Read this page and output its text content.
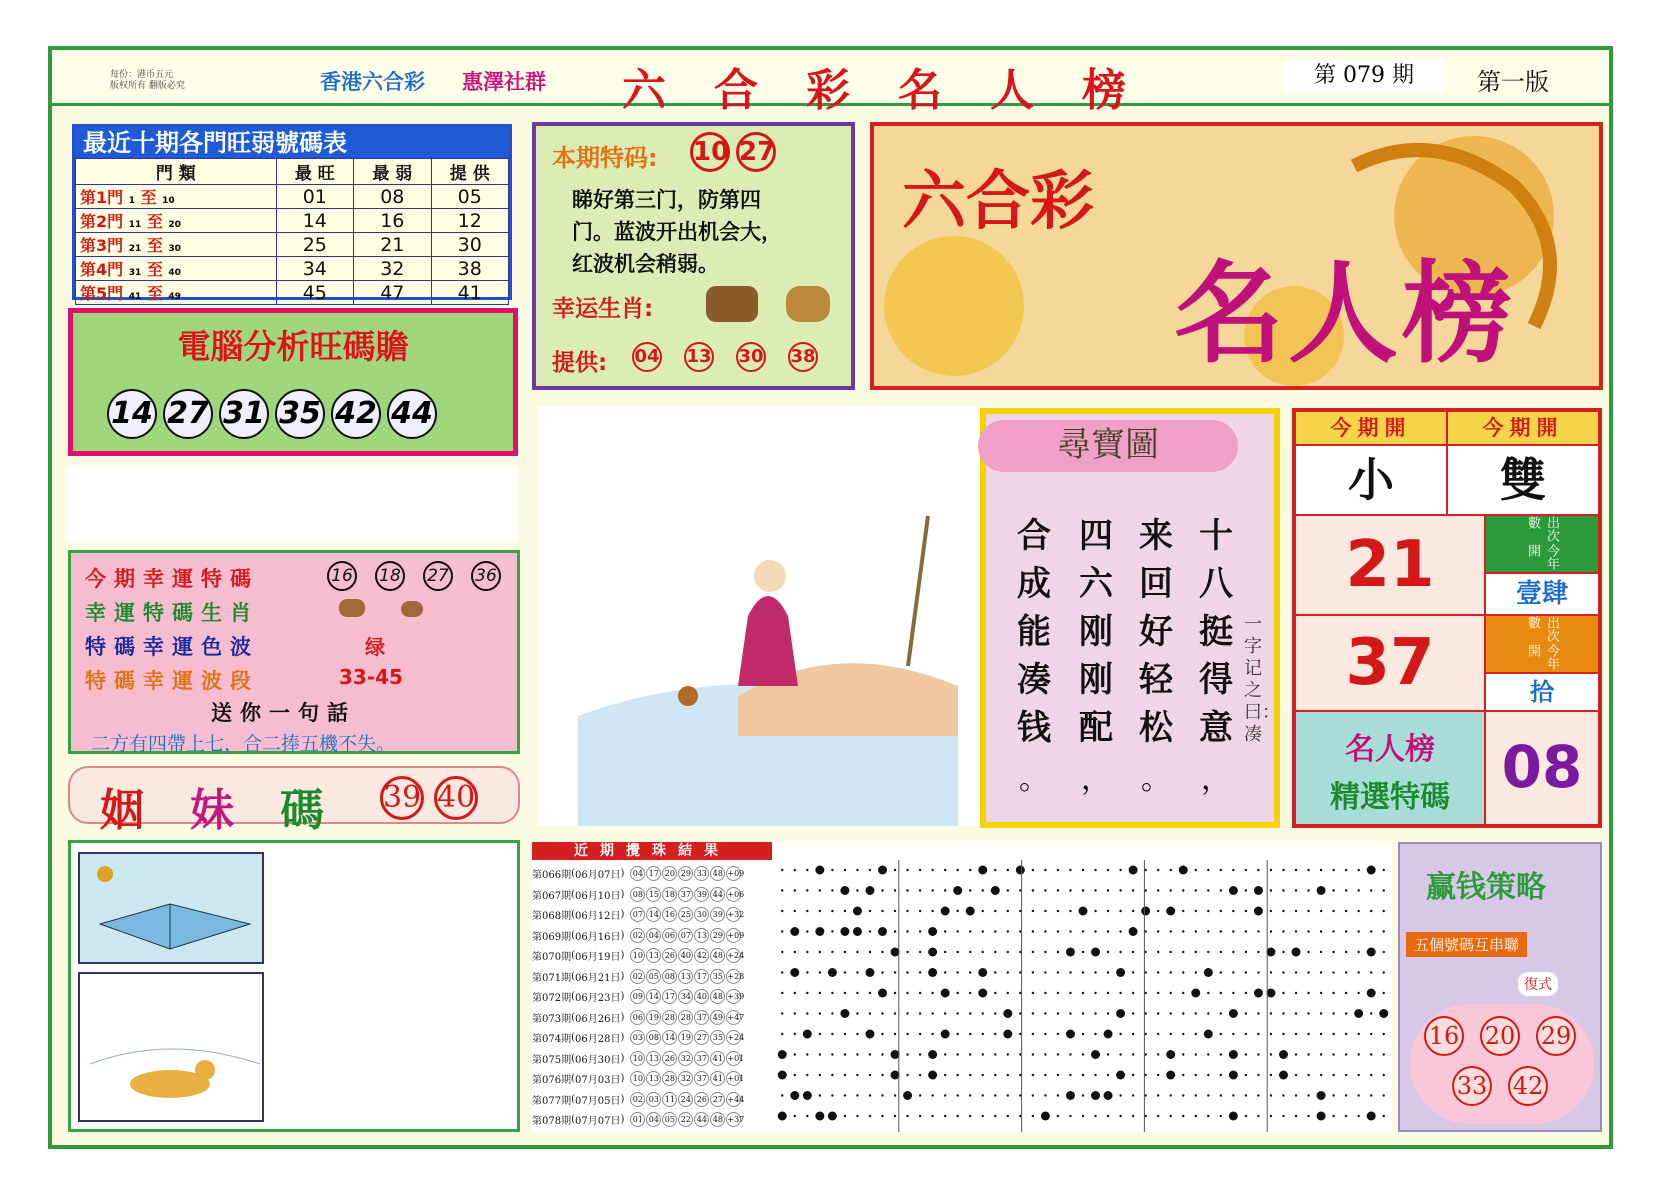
每份：港币五元
版权所有 翻版必究	香港六合彩 惠澤社群 六合彩名人榜	第 079 期	第一版
最近十期各門旺弱號碼表
門 類	最 旺	最 弱	提 供
第1門 1 至 10	01	08	05
第2門 11 至 20	14	16	12
第3門 21 至 30	25	21	30
第4門 31 至 40	34	32	38
第5門 41 至 49	45	47	41
電腦分析旺碼贍
14 27 31 35 42 44
今期幸運特碼	16 18 27 36
幸運特碼生肖
特碼幸運色波	绿
特碼幸運波段	33-45
送你一句話
二方有四帶上七，合二捧五機不失。
姻 妹 碼 39 40
本期特码: 10 27
睇好第三门，防第四
门。蓝波开出机会大，
红波机会稍弱。
幸运生肖:
提供: 04 13 30 38
六合彩
名人榜
尋寶圖
十八挺得意
来回好轻松
四六刚刚配
合成能凑钱
。 ， 。 ，
一字记之曰：凑
今期開	今期開
小	雙
21	出次數
今年開
壹肆
37	出次數
今年開
拾
名人榜
精選特碼 08
近期攪珠結果
第066期 ( 06月07日 )	04 17 20 29 33 48 +09
第067期 ( 06月10日 )	08 15 18 37 39 44 +06
第068期 ( 06月12日 )	07 14 16 25 30 39 +32
第069期 ( 06月16日 )	02 04 06 07 13 29 +09
第070期 ( 06月19日 )	10 13 26 40 42 48 +24
第071期 ( 06月21日 )	02 05 08 13 17 35 +28
第072期 ( 06月23日 )	09 14 17 34 40 48 +39
第073期 ( 06月26日 )	06 19 28 28 37 49 +47
第074期 ( 06月28日 )	03 08 14 19 27 35 +24
第075期 ( 06月30日 )	10 13 26 32 37 41 +01
第076期 ( 07月03日 )	10 13 28 32 37 41 +01
第077期 ( 07月05日 )	02 03 11 24 26 27 +44
第078期 ( 07月07日 )	01 04 05 22 44 48 +37
赢钱策略
五個號碼互串聯
復式
16 20 29
33 42
